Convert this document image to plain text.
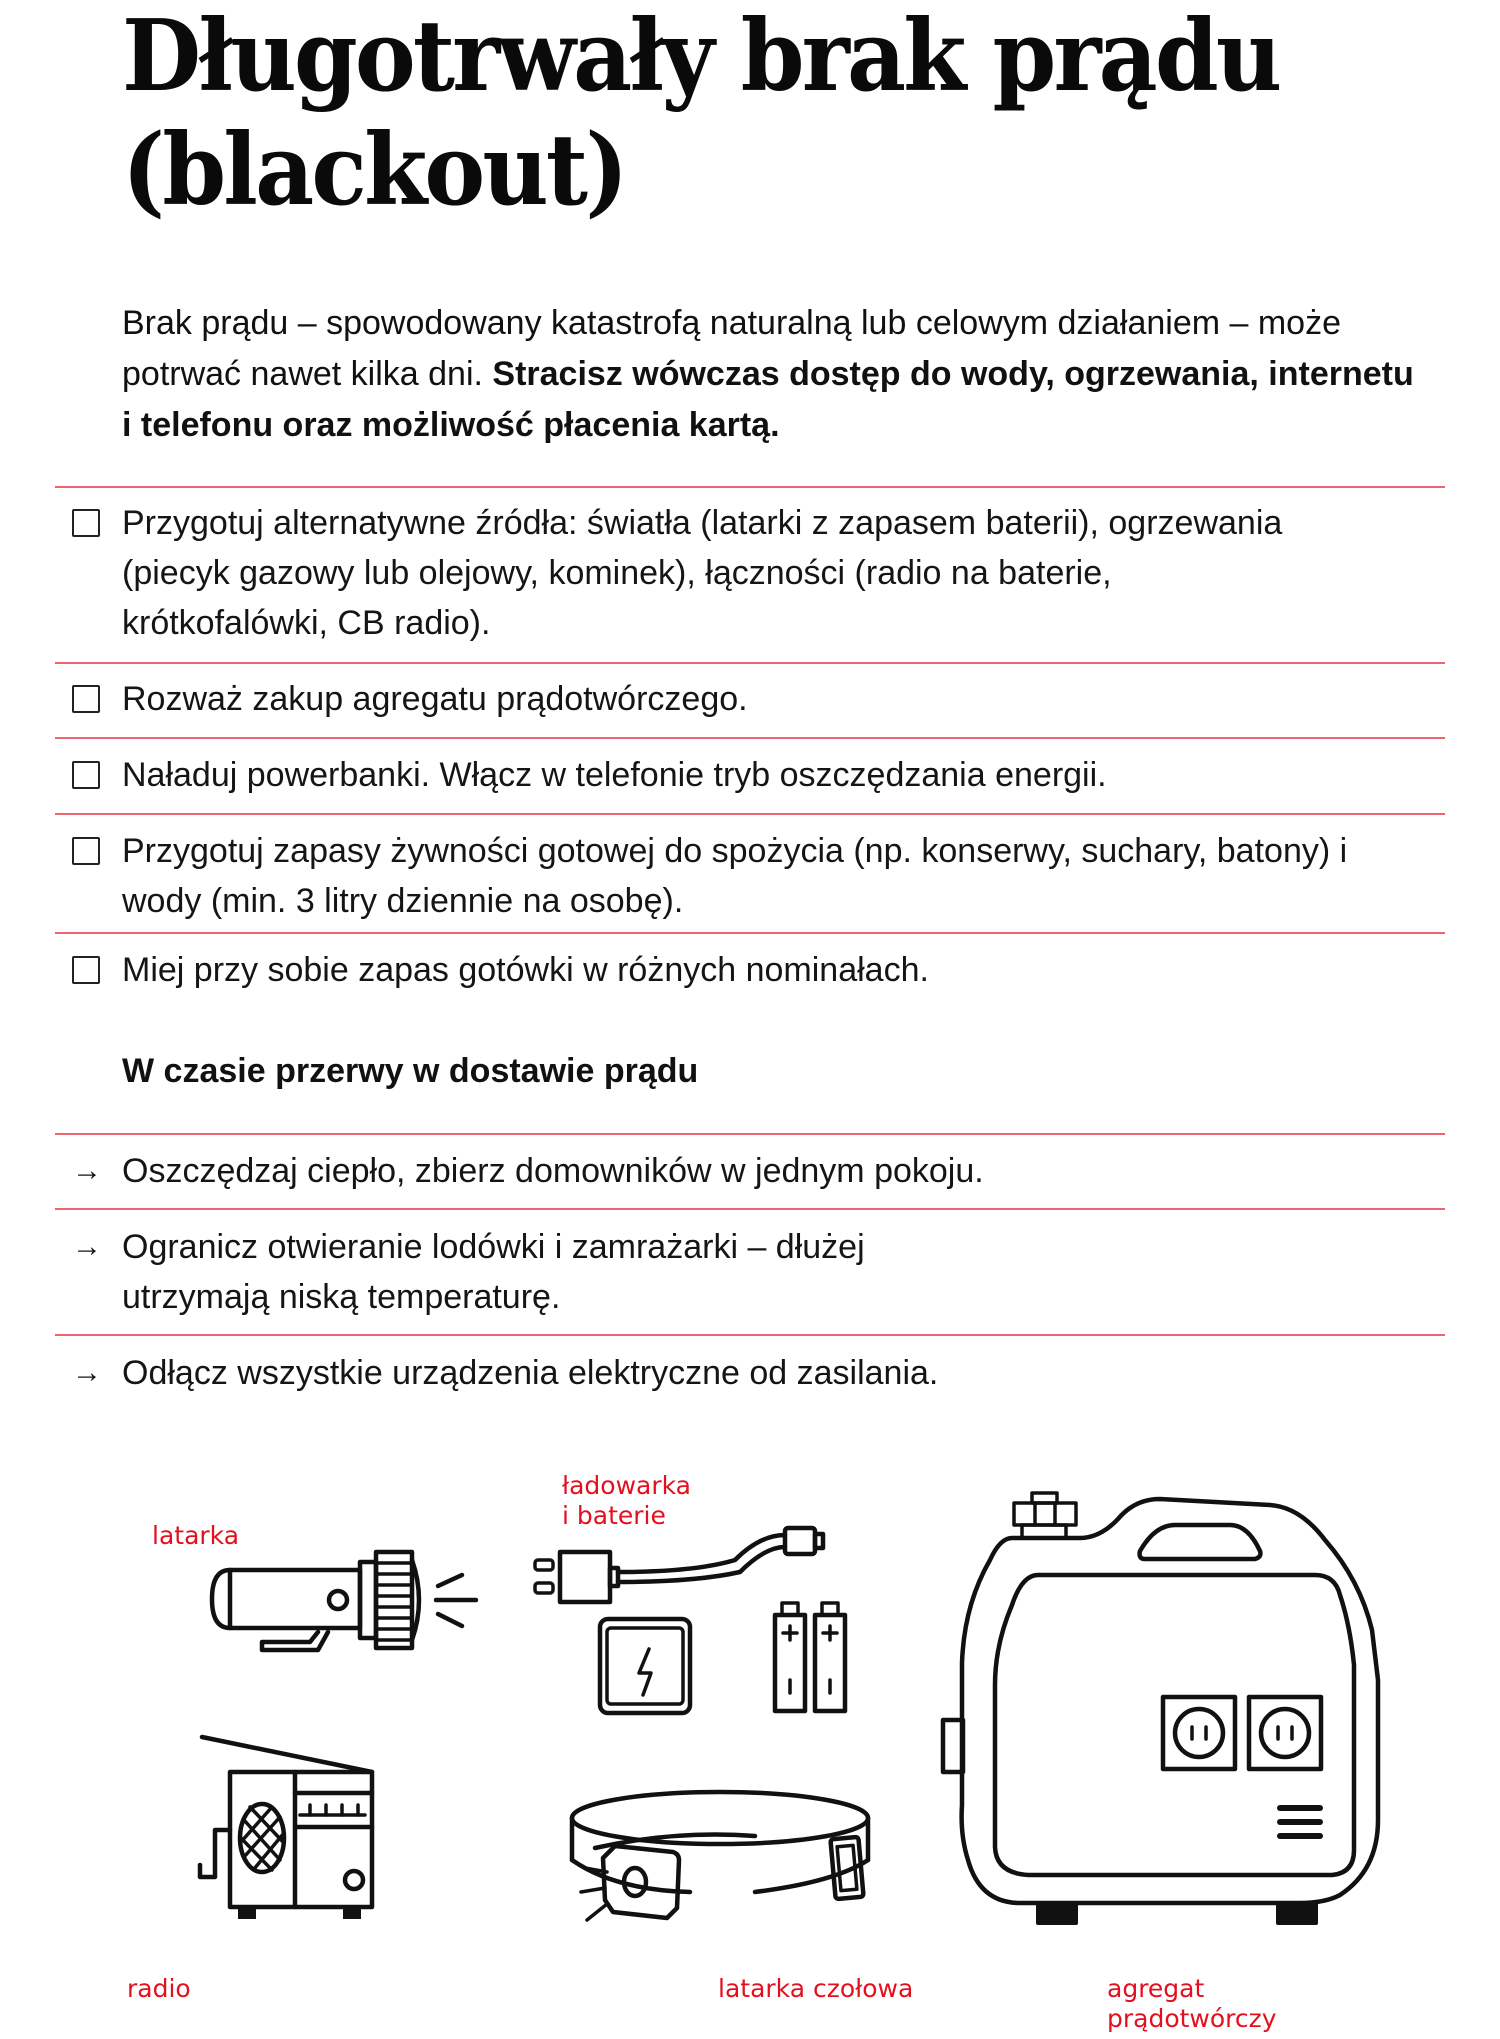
Długotrwały brak prądu
(blackout)

Brak prądu – spowodowany katastrofą naturalną lub celowym działaniem – może potrwać nawet kilka dni. Stracisz wówczas dostęp do wody, ogrzewania, internetu i telefonu oraz możliwość płacenia kartą.

Przygotuj alternatywne źródła: światła (latarki z zapasem baterii), ogrzewania (piecyk gazowy lub olejowy, kominek), łączności (radio na baterie, krótkofalówki, CB radio).
Rozważ zakup agregatu prądotwórczego.
Naładuj powerbanki. Włącz w telefonie tryb oszczędzania energii.
Przygotuj zapasy żywności gotowej do spożycia (np. konserwy, suchary, batony) i wody (min. 3 litry dziennie na osobę).
Miej przy sobie zapas gotówki w różnych nominałach.
W czasie przerwy w dostawie prądu
→ Oszczędzaj ciepło, zbierz domowników w jednym pokoju.
→ Ogranicz otwieranie lodówki i zamrażarki – dłużej utrzymają niską temperaturę.
→ Odłącz wszystkie urządzenia elektryczne od zasilania.
latarka
ładowarka
i baterie
radio	latarka czołowa	agregat
prądotwórczy
